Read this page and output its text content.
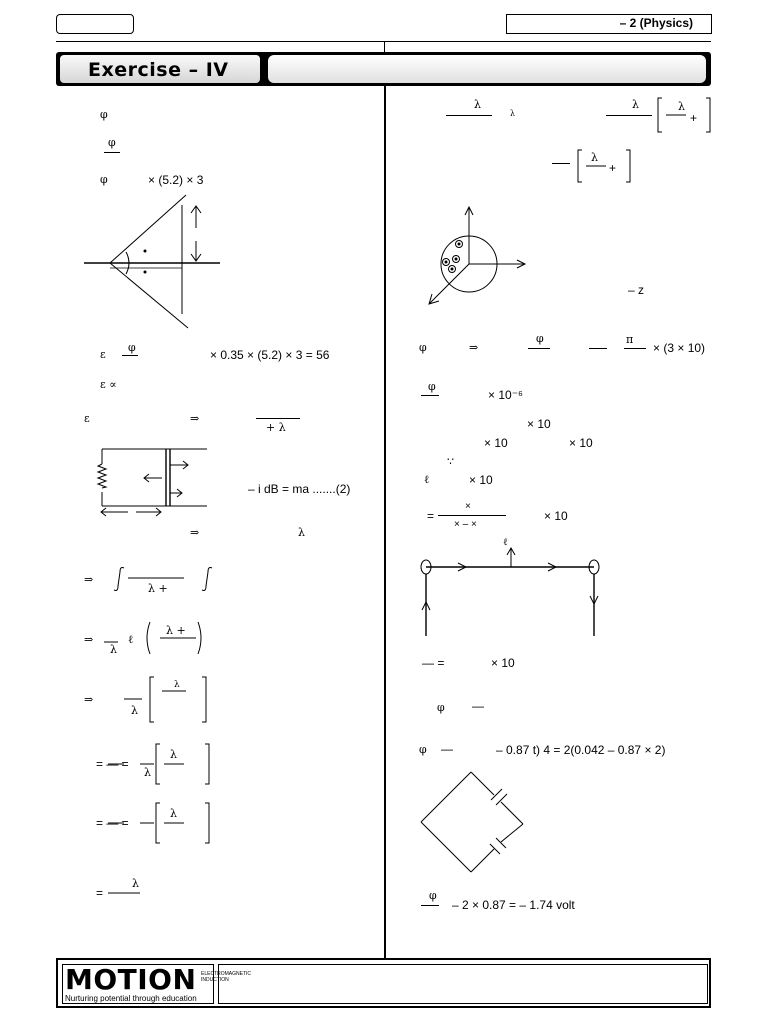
– 2 (Physics)
Exercise – IV
φ
φ
φ	× (5.2) × 3
ε
φ
× 0.35 × (5.2) × 3 = 56
ε ∝
ε	⇒
+ λ
– i dB = ma .......(2)
⇒	λ
⇒
λ +
⇒
λ
ℓ
λ +
⇒
λ
λ
= — =
λ
λ
= — =
λ
=
λ
λ
λ
λ	λ
+
λ
+
– z
φ	⇒
φ	π
× (3 × 10)
φ
× 10⁻⁶
× 10
× 10	× 10
∵
ℓ	× 10
=
×
× – ×
× 10
ℓ
— =	× 10
φ —
φ —	– 0.87 t) 4 = 2(0.042 – 0.87 × 2)
φ
– 2 × 0.87 = – 1.74 volt
MOTION ELECTROMAGNETIC INDUCTION
Nurturing potential through education
